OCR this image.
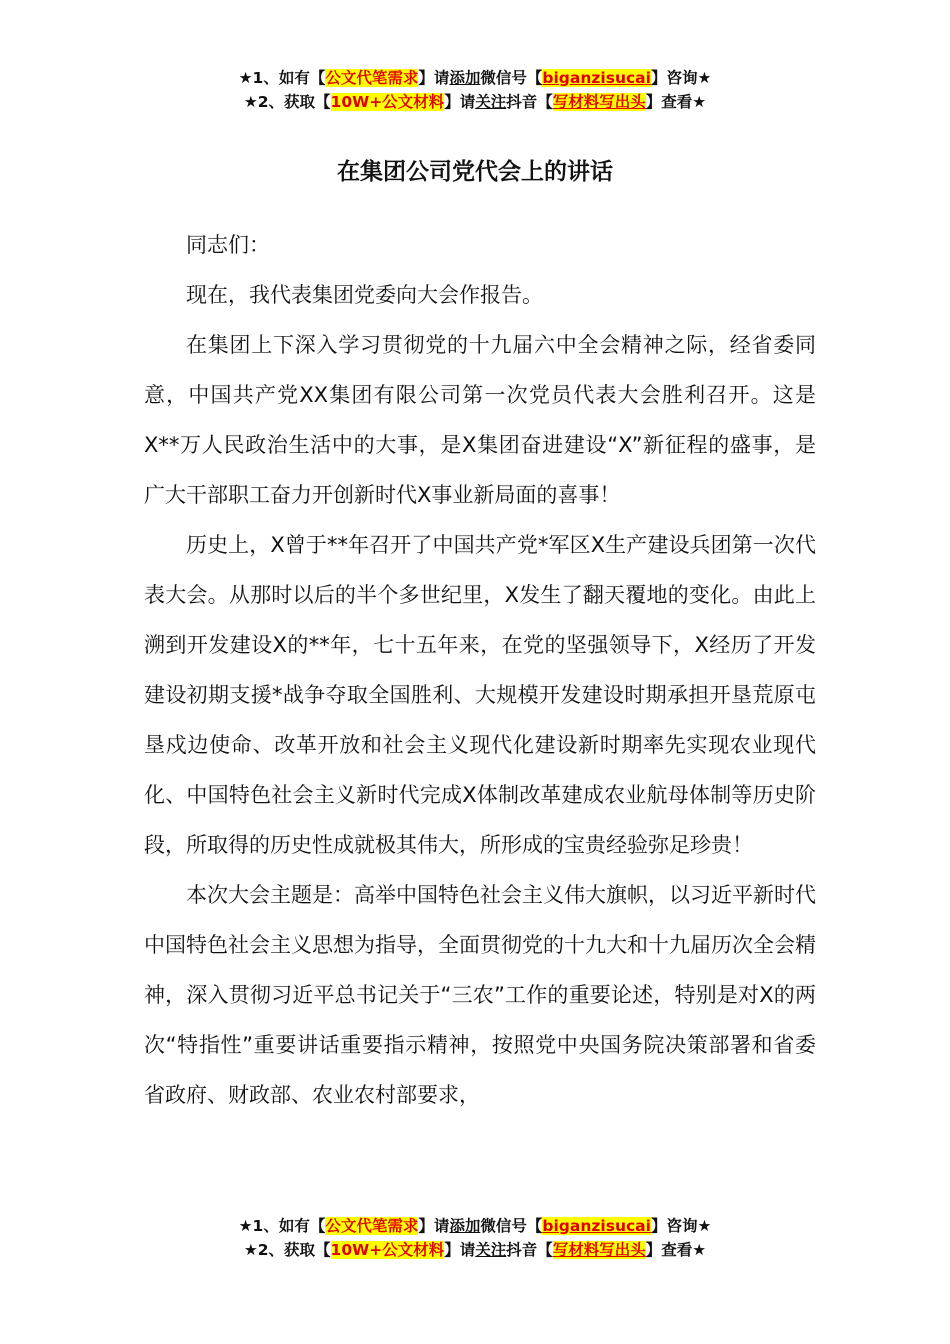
★1、如有【公文代笔需求】请添加微信号【biganzisucai】咨询★
★2、获取【10W+公文材料】请关注抖音【写材料写出头】查看★
在集团公司党代会上的讲话

同志们：

现在，我代表集团党委向大会作报告。

在集团上下深入学习贯彻党的十九届六中全会精神之际，经省委同意，中国共产党XX集团有限公司第一次党员代表大会胜利召开。这是X**万人民政治生活中的大事，是X集团奋进建设“X”新征程的盛事，是广大干部职工奋力开创新时代X事业新局面的喜事！

历史上，X曾于**年召开了中国共产党*军区X生产建设兵团第一次代表大会。从那时以后的半个多世纪里，X发生了翻天覆地的变化。由此上溯到开发建设X的**年，七十五年来，在党的坚强领导下，X经历了开发建设初期支援*战争夺取全国胜利、大规模开发建设时期承担开垦荒原屯垦戍边使命、改革开放和社会主义现代化建设新时期率先实现农业现代化、中国特色社会主义新时代完成X体制改革建成农业航母体制等历史阶段，所取得的历史性成就极其伟大，所形成的宝贵经验弥足珍贵！

本次大会主题是：高举中国特色社会主义伟大旗帜，以习近平新时代中国特色社会主义思想为指导，全面贯彻党的十九大和十九届历次全会精神，深入贯彻习近平总书记关于“三农”工作的重要论述，特别是对X的两次“特指性”重要讲话重要指示精神，按照党中央国务院决策部署和省委省政府、财政部、农业农村部要求，

★1、如有【公文代笔需求】请添加微信号【biganzisucai】咨询★
★2、获取【10W+公文材料】请关注抖音【写材料写出头】查看★
